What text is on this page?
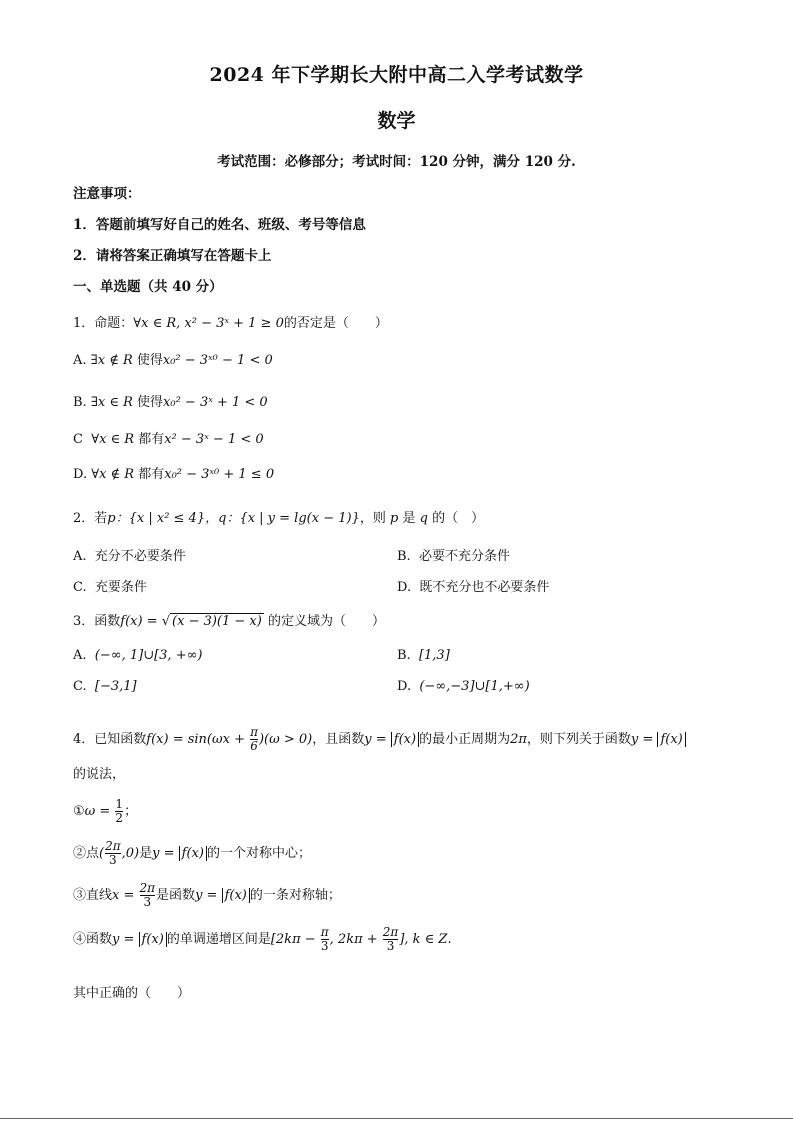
2024 年下学期长大附中高二入学考试数学
数学
考试范围：必修部分；考试时间：120 分钟，满分 120 分.
注意事项：
1．答题前填写好自己的姓名、班级、考号等信息
2．请将答案正确填写在答题卡上
一、单选题（共 40 分）
1．命题：∀x ∈ R, x² − 3ˣ + 1 ≥ 0的否定是（　　）
A. ∃x ∉ R 使得x₀² − 3ˣ⁰ − 1 < 0
B. ∃x ∈ R 使得x₀² − 3ˣ + 1 < 0
C ∀x ∈ R 都有x² − 3ˣ − 1 < 0
D. ∀x ∉ R 都有x₀² − 3ˣ⁰ + 1 ≤ 0
2．若p：{x | x² ≤ 4}，q：{x | y = lg(x − 1)}，则 p 是 q 的（　）
A. 充分不必要条件	B. 必要不充分条件
C. 充要条件	D. 既不充分也不必要条件
3．函数f(x) = √ (x − 3)(1 − x) 的定义域为（　　）
A. (−∞, 1]∪[3, +∞)	B. [1,3]
C. [−3,1]	D. (−∞,−3]∪[1,+∞)
4．已知函数$f(x) = \sin(\omega x + \frac{\pi}{6} )(\omega > 0)$，且函数y = f(x) 的最小正周期为2π，则下列关于函数y = f(x)
的说法，
①ω = $\frac{1}{2}$ ；
②点( $\frac{2\pi}{3} ,0$)是y = f(x) 的一个对称中心；
③直线$x = \frac{2\pi}{3}$ 是函数y = f(x) 的一条对称轴；
④函数y = f(x) 的单调递增区间是[$2k\pi - \frac{\pi}{3}$ , $2k\pi + \frac{2\pi}{3}$ ], k ∈ Z.
其中正确的（　　）
